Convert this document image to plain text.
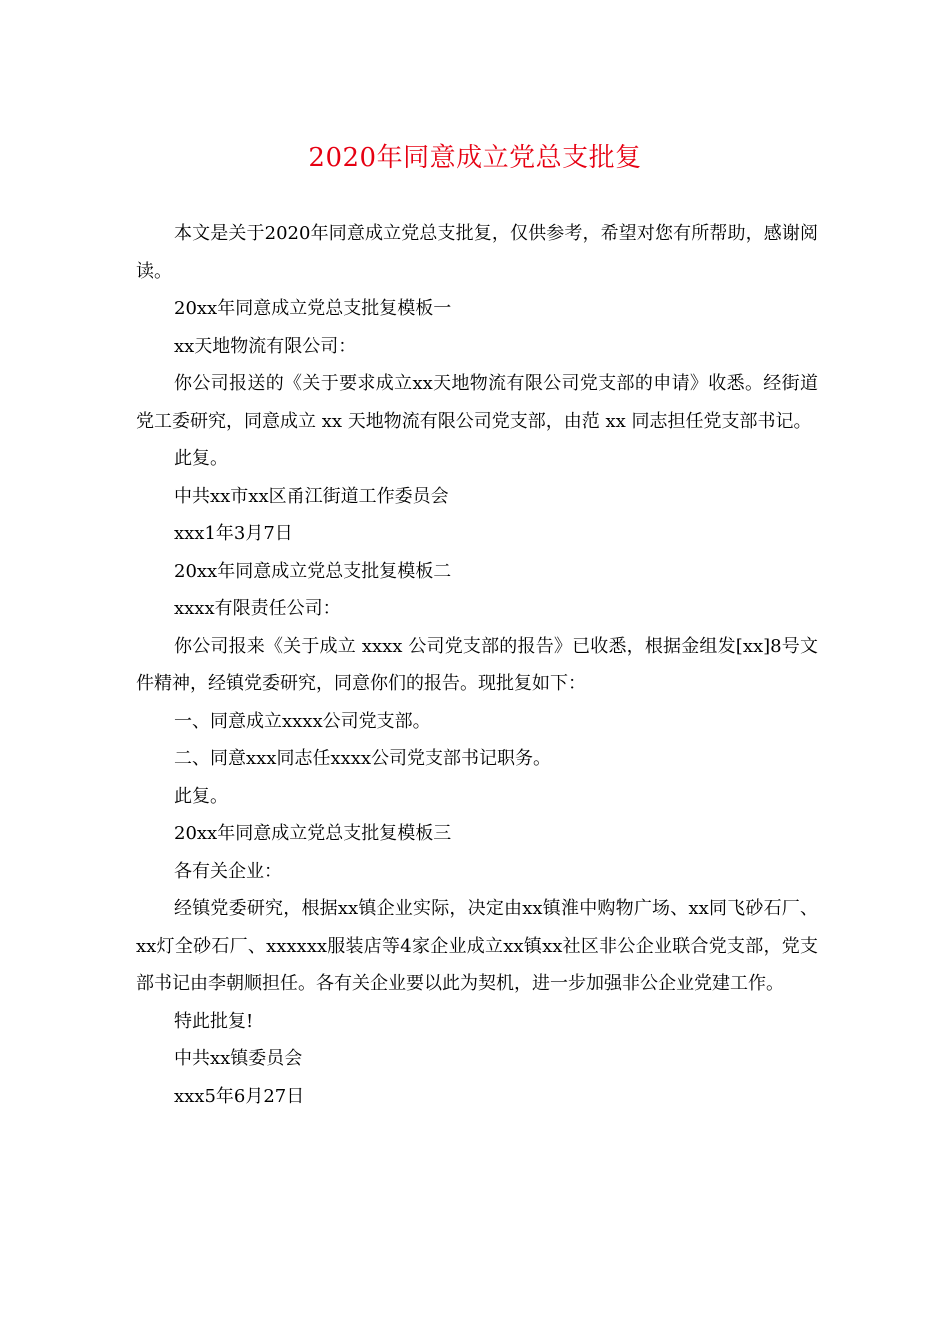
2020年同意成立党总支批复

本文是关于2020年同意成立党总支批复，仅供参考，希望对您有所帮助，感谢阅读。

20xx年同意成立党总支批复模板一

xx天地物流有限公司：

你公司报送的《关于要求成立xx天地物流有限公司党支部的申请》收悉。经街道党工委研究，同意成立 xx 天地物流有限公司党支部，由范 xx 同志担任党支部书记。

此复。

中共xx市xx区甬江街道工作委员会

xxx1年3月7日

20xx年同意成立党总支批复模板二

xxxx有限责任公司：

你公司报来《关于成立 xxxx 公司党支部的报告》已收悉，根据金组发[xx]8号文件精神，经镇党委研究，同意你们的报告。现批复如下：

一、同意成立xxxx公司党支部。

二、同意xxx同志任xxxx公司党支部书记职务。

此复。

20xx年同意成立党总支批复模板三

各有关企业：

经镇党委研究，根据xx镇企业实际，决定由xx镇淮中购物广场、xx同飞砂石厂、xx灯全砂石厂、xxxxxx服装店等4家企业成立xx镇xx社区非公企业联合党支部，党支部书记由李朝顺担任。各有关企业要以此为契机，进一步加强非公企业党建工作。

特此批复!

中共xx镇委员会

xxx5年6月27日
